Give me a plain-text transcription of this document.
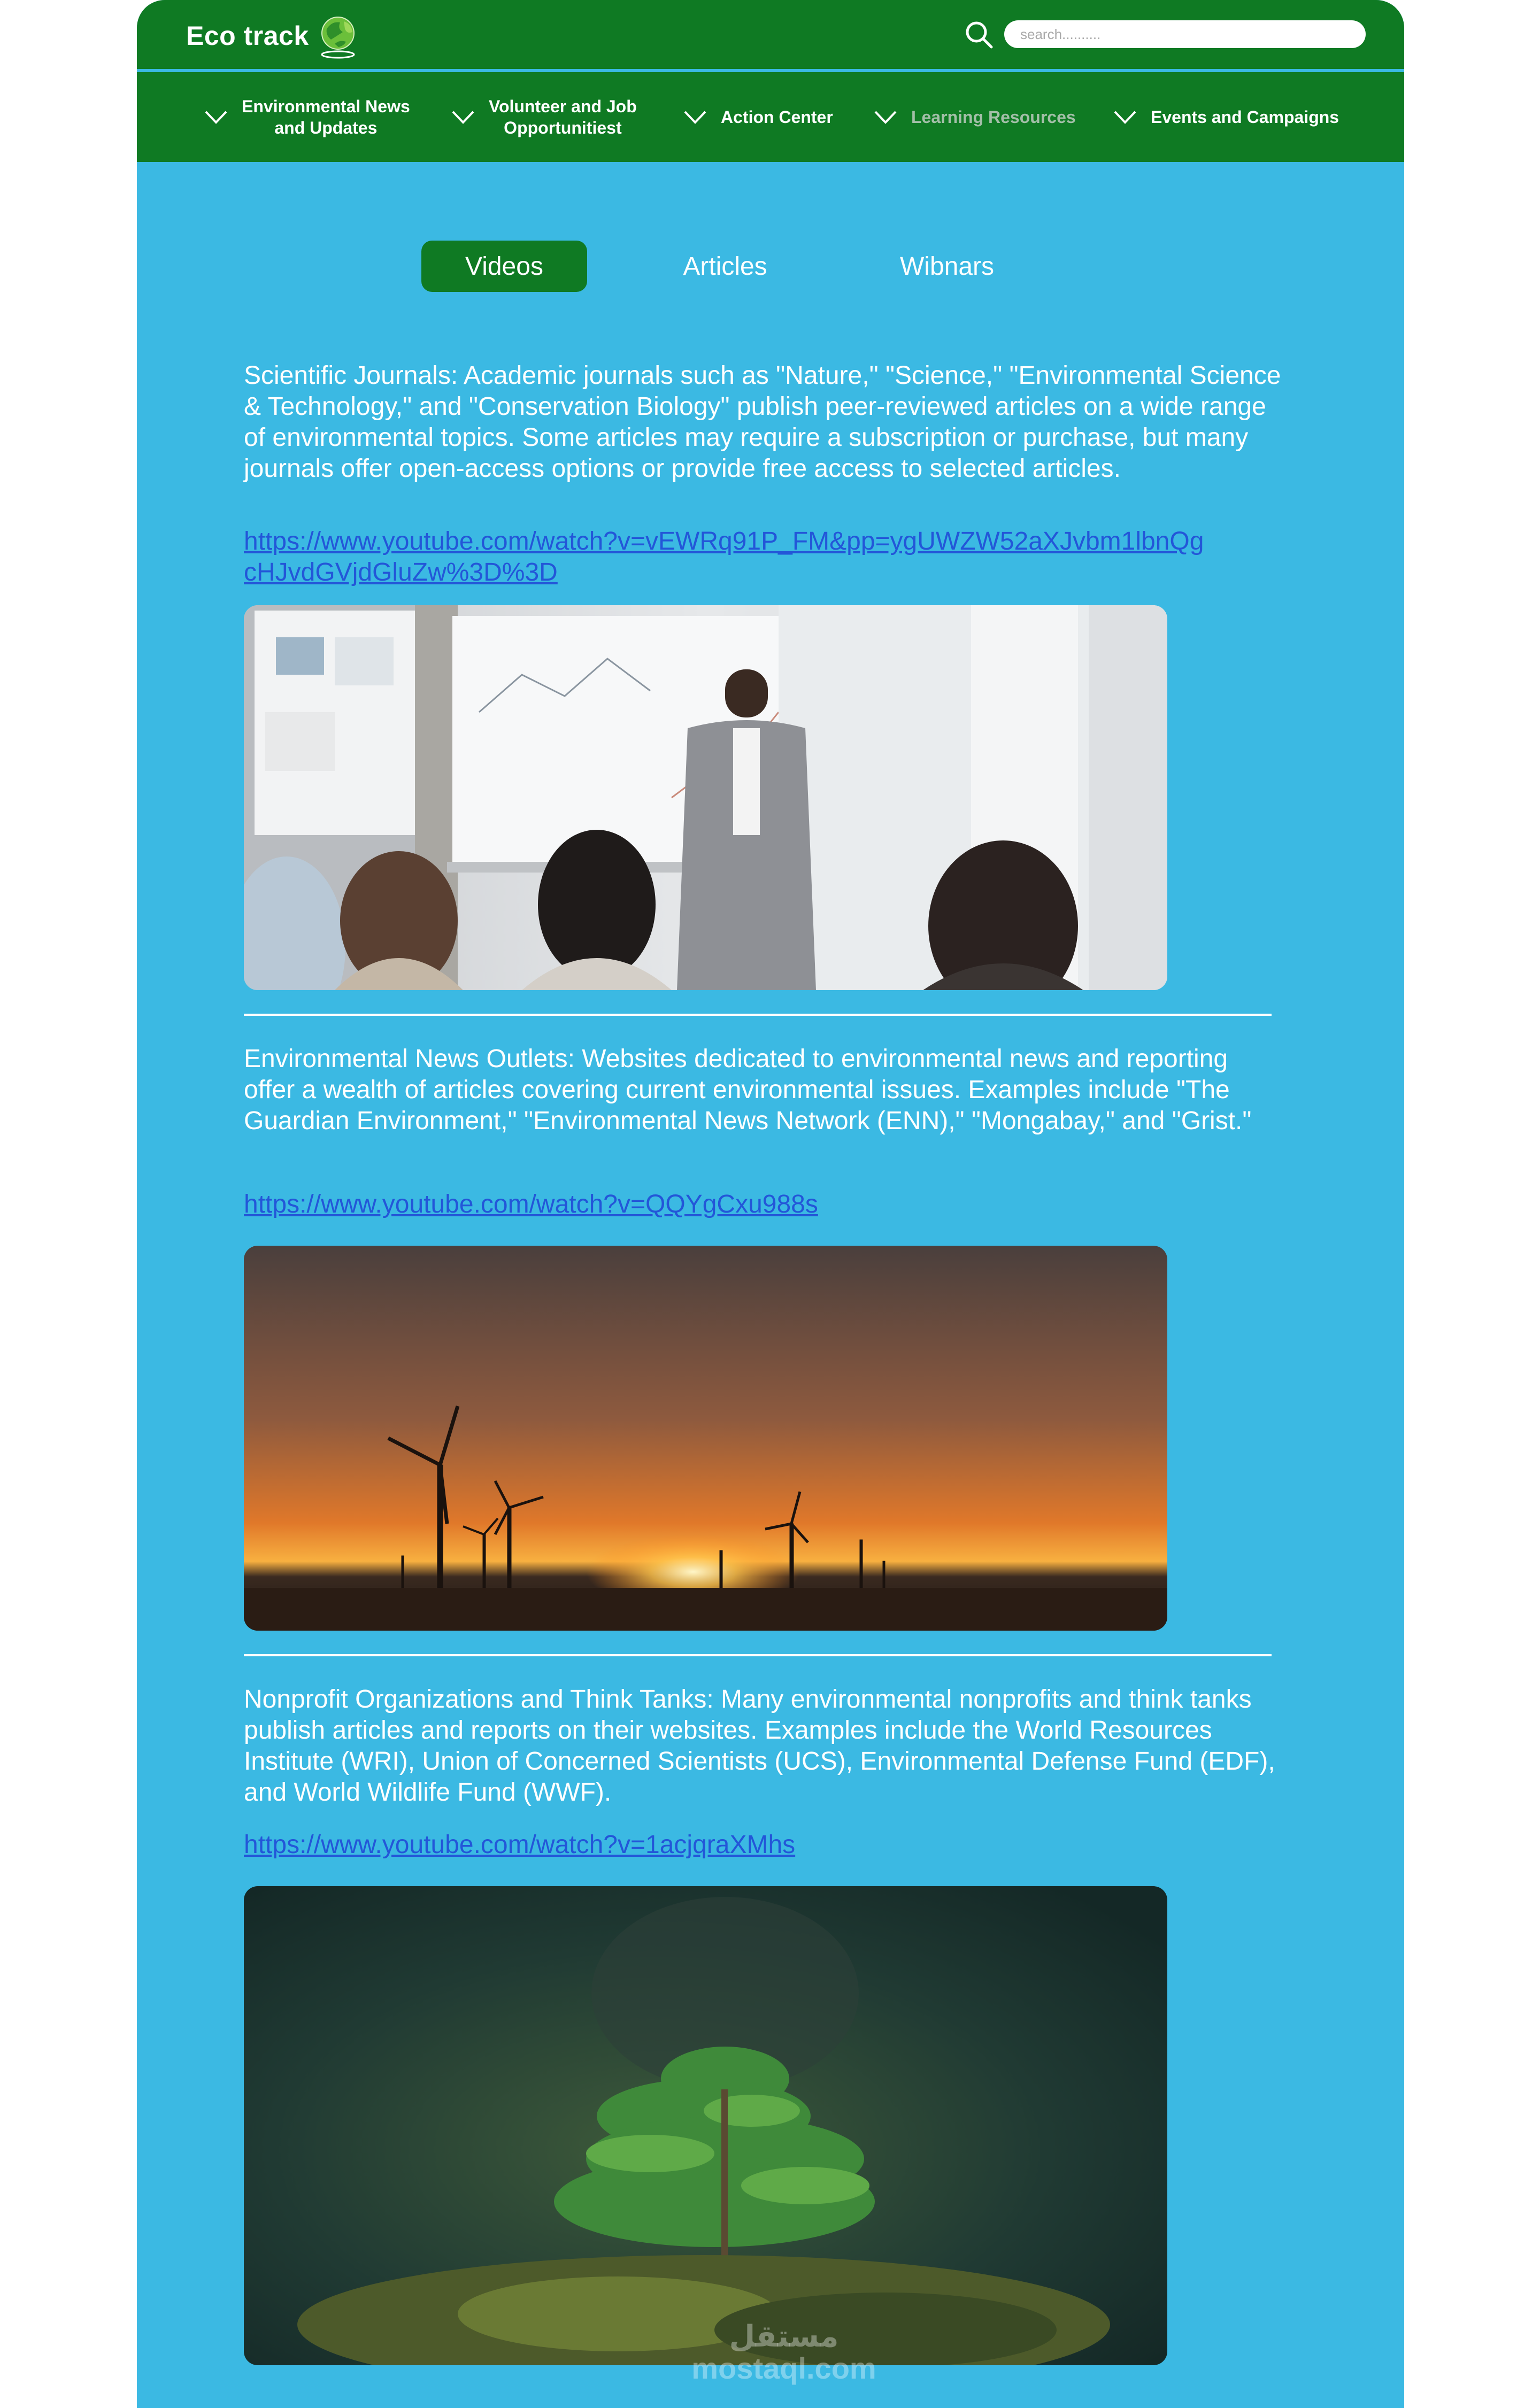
Eco track
search..........
Environmental News
and Updates
Volunteer and Job
Opportunitiest
Action Center	Learning Resources	Events and Campaigns
Videos	Articles	Wibnars
Scientific Journals: Academic journals such as "Nature," "Science," "Environmental Science & Technology," and "Conservation Biology" publish peer-reviewed articles on a wide range of environmental topics. Some articles may require a subscription or purchase, but many journals offer open-access options or provide free access to selected articles.
https://www.youtube.com/watch?v=vEWRq91P_FM&pp=ygUWZW52aXJvbm1lbnQgcHJvdGVjdGluZw%3D%3D
Environmental News Outlets: Websites dedicated to environmental news and reporting offer a wealth of articles covering current environmental issues. Examples include "The Guardian Environment," "Environmental News Network (ENN)," "Mongabay," and "Grist."
https://www.youtube.com/watch?v=QQYgCxu988s
Nonprofit Organizations and Think Tanks: Many environmental nonprofits and think tanks publish articles and reports on their websites. Examples include the World Resources Institute (WRI), Union of Concerned Scientists (UCS), Environmental Defense Fund (EDF), and World Wildlife Fund (WWF).
https://www.youtube.com/watch?v=1acjqraXMhs
مستقل
mostaql.com
